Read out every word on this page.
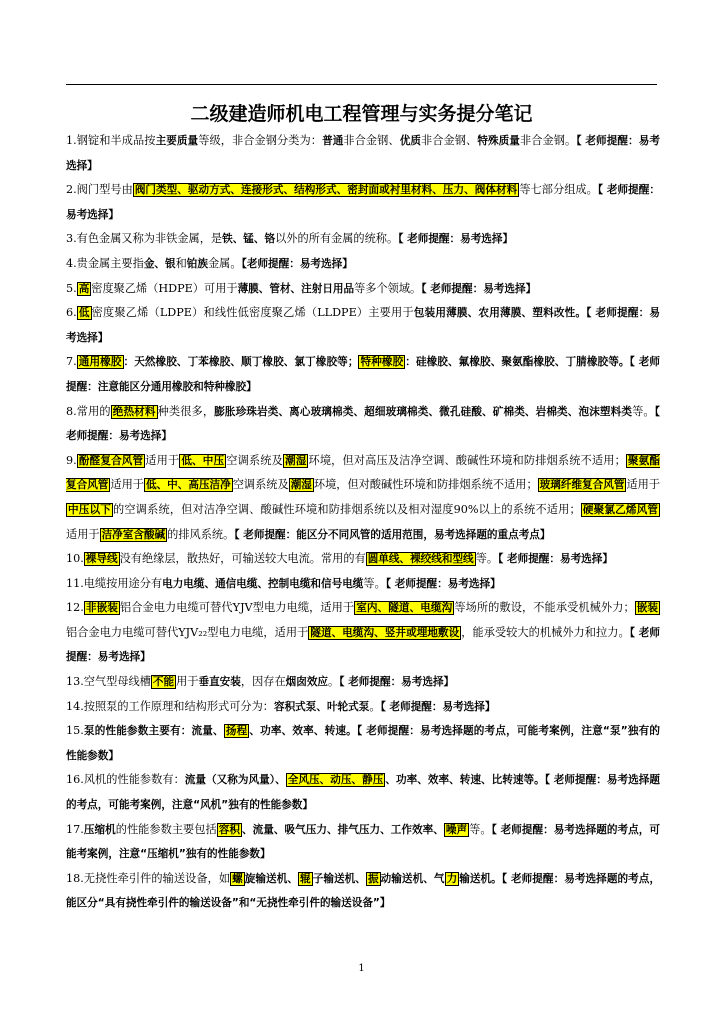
二级建造师机电工程管理与实务提分笔记

1.钢锭和半成品按主要质量等级，非合金钢分类为：普通非合金钢、优质非合金钢、特殊质量非合金钢。【 老师提醒：易考选择】

2.阀门型号由 阀门类型、驱动方式、连接形式、结构形式、密封面或衬里材料、压力、阀体材料 等七部分组成。【 老师提醒：易考选择】

3.有色金属又称为非铁金属，是铁、锰、铬以外的所有金属的统称。【 老师提醒：易考选择】

4.贵金属主要指金、银和铂族金属。【老师提醒：易考选择】

5. 高 密度聚乙烯（HDPE）可用于薄膜、管材、注射日用品等多个领域。【 老师提醒：易考选择】

6. 低 密度聚乙烯（LDPE）和线性低密度聚乙烯（LLDPE）主要用于包装用薄膜、农用薄膜、塑料改性。【 老师提醒：易考选择】

7. 通用橡胶 ：天然橡胶、丁苯橡胶、顺丁橡胶、氯丁橡胶等； 特种橡胶 ：硅橡胶、氟橡胶、聚氨酯橡胶、丁腈橡胶等。【 老师提醒：注意能区分通用橡胶和特种橡胶】

8.常用的 绝热材料 种类很多，膨胀珍珠岩类、离心玻璃棉类、超细玻璃棉类、微孔硅酸、矿棉类、岩棉类、泡沫塑料类等。【 老师提醒：易考选择】

9. 酚醛复合风管 适用于 低、中压 空调系统及 潮湿 环境，但对高压及洁净空调、酸碱性环境和防排烟系统不适用； 聚氨酯复合风管 适用于 低、中、高压洁净 空调系统及 潮湿 环境，但对酸碱性环境和防排烟系统不适用； 玻璃纤维复合风管 适用于中压以下 的空调系统，但对洁净空调、酸碱性环境和防排烟系统以及相对湿度90%以上的系统不适用； 硬聚氯乙烯风管适用于 洁净室含酸碱 的排风系统。【 老师提醒：能区分不同风管的适用范围，易考选择题的重点考点】

10. 裸导线 没有绝缘层，散热好，可输送较大电流。常用的有 圆单线、裸绞线和型线 等。【 老师提醒：易考选择】

11.电缆按用途分有电力电缆、通信电缆、控制电缆和信号电缆等。【 老师提醒：易考选择】

12. 非嵌装 铝合金电力电缆可替代YJV型电力电缆，适用于 室内、隧道、电缆沟 等场所的敷设，不能承受机械外力； 嵌装铝合金电力电缆可替代YJV₂₂型电力电缆，适用于 隧道、电缆沟、竖井或埋地敷设 ，能承受较大的机械外力和拉力。【 老师提醒：易考选择】

13.空气型母线槽 不能 用于垂直安装，因存在烟囱效应。【 老师提醒：易考选择】

14.按照泵的工作原理和结构形式可分为：容积式泵、叶轮式泵。【 老师提醒：易考选择】

15.泵的性能参数主要有：流量、 扬程 、功率、效率、转速。【 老师提醒：易考选择题的考点，可能考案例，注意“泵”独有的性能参数】

16.风机的性能参数有：流量（又称为风量）、 全风压、动压、静压 、功率、效率、转速、比转速等。【 老师提醒：易考选择题的考点，可能考案例，注意“风机”独有的性能参数】

17.压缩机的性能参数主要包括 容积 、流量、吸气压力、排气压力、工作效率、 噪声 等。【 老师提醒：易考选择题的考点，可能考案例，注意“压缩机”独有的性能参数】

18.无挠性牵引件的输送设备，如 螺 旋输送机、 辊 子输送机、 振 动输送机、气 力 输送机。【 老师提醒：易考选择题的考点，能区分“具有挠性牵引件的输送设备”和“无挠性牵引件的输送设备”】

1
